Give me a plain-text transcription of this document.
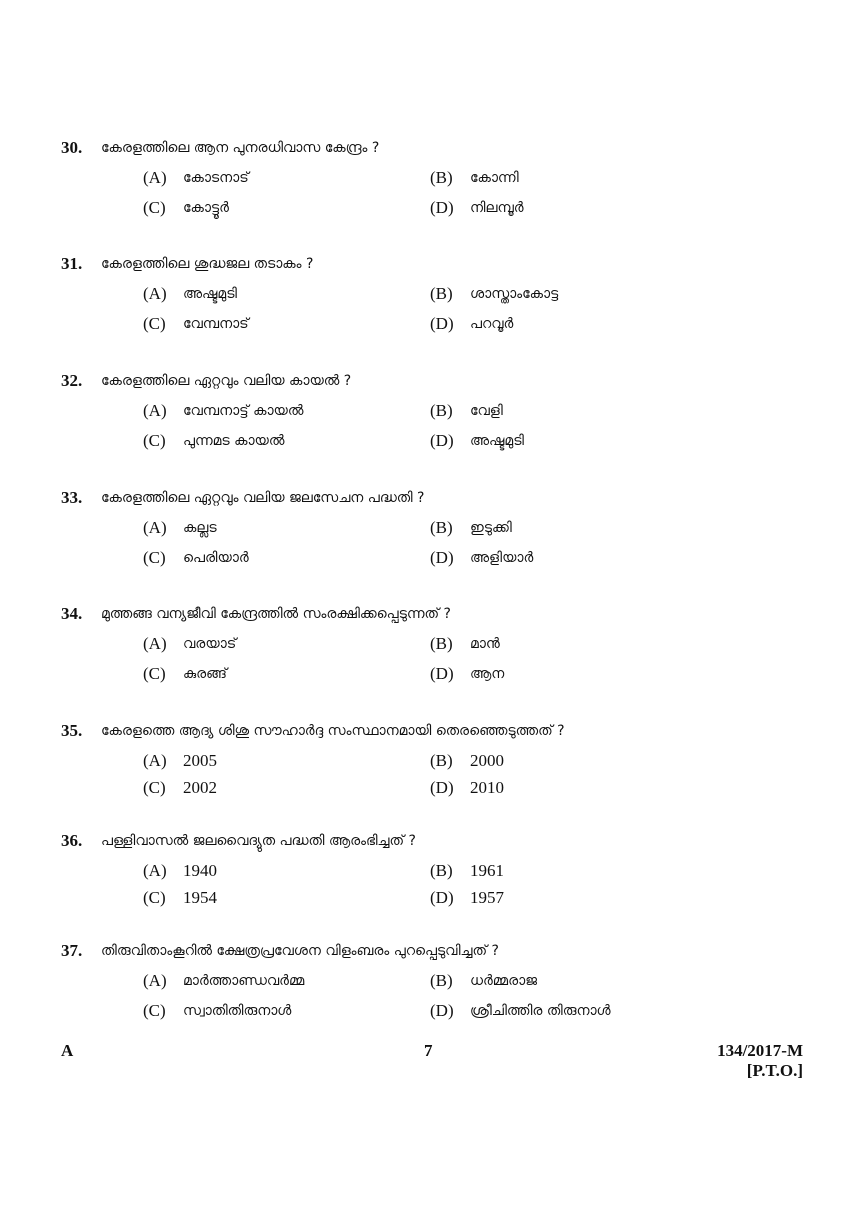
30. കേരളത്തിലെ ആന പുനരധിവാസ കേന്ദ്രം ?
(A) കോടനാട്	(B) കോന്നി
(C) കോട്ടൂർ	(D) നിലമ്പൂർ
31. കേരളത്തിലെ ശുദ്ധജല തടാകം ?
(A) അഷ്ടമുടി	(B) ശാസ്താംകോട്ട
(C) വേമ്പനാട്	(D) പറവൂർ
32. കേരളത്തിലെ ഏറ്റവും വലിയ കായൽ ?
(A) വേമ്പനാട്ട് കായൽ	(B) വേളി
(C) പുന്നമട കായൽ	(D) അഷ്ടമുടി
33. കേരളത്തിലെ ഏറ്റവും വലിയ ജലസേചന പദ്ധതി ?
(A) കല്ലട	(B) ഇടുക്കി
(C) പെരിയാർ	(D) അളിയാർ
34. മുത്തങ്ങ വന്യജീവി കേന്ദ്രത്തിൽ സംരക്ഷിക്കപ്പെടുന്നത് ?
(A) വരയാട്	(B) മാൻ
(C) കുരങ്ങ്	(D) ആന
35. കേരളത്തെ ആദ്യ ശിശു സൗഹാർദ്ദ സംസ്ഥാനമായി തെരഞ്ഞെടുത്തത് ?
(A) 2005	(B) 2000
(C) 2002	(D) 2010
36. പള്ളിവാസൽ ജലവൈദ്യുത പദ്ധതി ആരംഭിച്ചത് ?
(A) 1940	(B) 1961
(C) 1954	(D) 1957
37. തിരുവിതാംകൂറിൽ ക്ഷേത്രപ്രവേശന വിളംബരം പുറപ്പെടുവിച്ചത് ?
(A) മാർത്താണ്ഡവർമ്മ	(B) ധർമ്മരാജ
(C) സ്വാതിതിരുനാൾ	(D) ശ്രീചിത്തിര തിരുനാൾ
A	7	134/2017-M
[P.T.O.]
